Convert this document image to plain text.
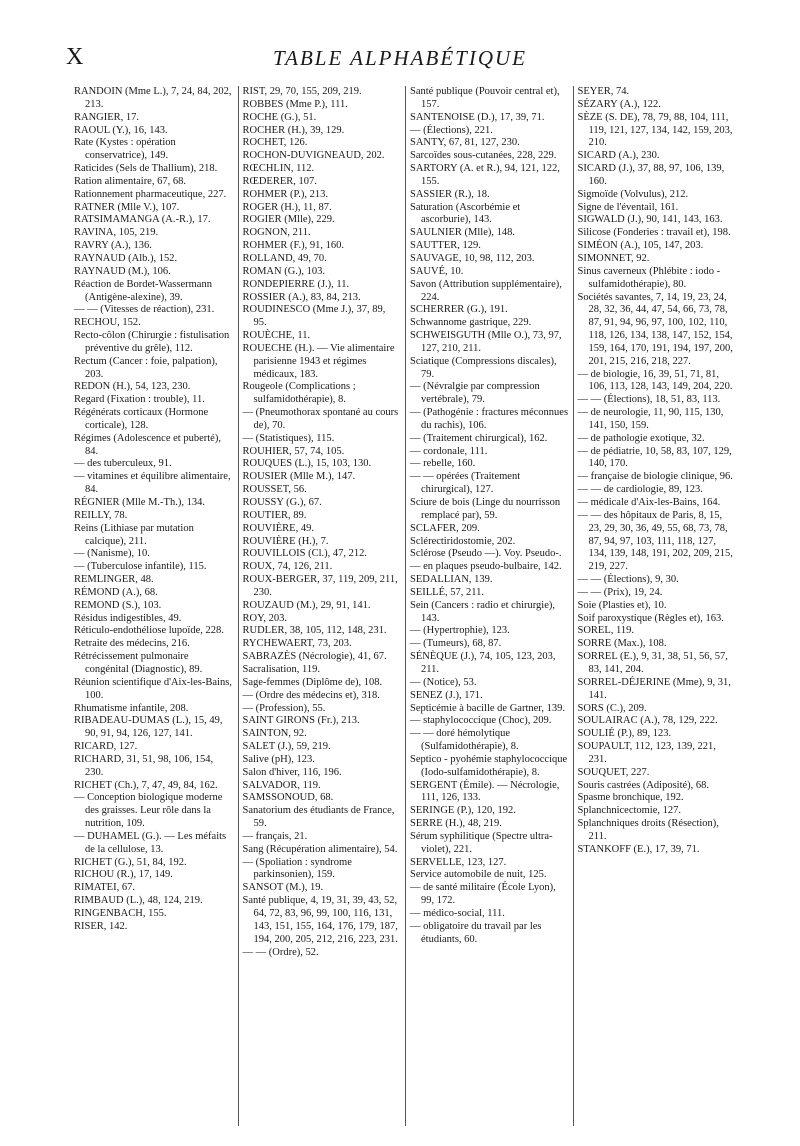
X	TABLE ALPHABÉTIQUE
RANDOIN (Mme L.), 7, 24, 84, 202, 213.
RANGIER, 17.
RAOUL (Y.), 16, 143.
Rate (Kystes : opération conservatrice), 149.
Raticides (Sels de Thallium), 218.
Ration alimentaire, 67, 68.
Rationnement pharmaceutique, 227.
RATNER (Mlle V.), 107.
RATSIMAMANGA (A.-R.), 17.
RAVINA, 105, 219.
RAVRY (A.), 136.
RAYNAUD (Alb.), 152.
RAYNAUD (M.), 106.
Réaction de Bordet-Wassermann (Antigène-alexine), 39.
— — (Vitesses de réaction), 231.
RECHOU, 152.
Recto-côlon (Chirurgie : fistulisation préventive du grêle), 112.
Rectum (Cancer : foie, palpation), 203.
REDON (H.), 54, 123, 230.
Regard (Fixation : trouble), 11.
Régénérats corticaux (Hormone corticale), 128.
Régimes (Adolescence et puberté), 84.
— des tuberculeux, 91.
— vitamines et équilibre alimentaire, 84.
RÉGNIER (Mlle M.-Th.), 134.
REILLY, 78.
Reins (Lithiase par mutation calcique), 211.
— (Nanisme), 10.
— (Tuberculose infantile), 115.
REMLINGER, 48.
RÉMOND (A.), 68.
REMOND (S.), 103.
Résidus indigestibles, 49.
Réticulo-endothéliose lupoïde, 228.
Retraite des médecins, 216.
Rétrécissement pulmonaire congénital (Diagnostic), 89.
Réunion scientifique d'Aix-les-Bains, 100.
Rhumatisme infantile, 208.
RIBADEAU-DUMAS (L.), 15, 49, 90, 91, 94, 126, 127, 141.
RICARD, 127.
RICHARD, 31, 51, 98, 106, 154, 230.
RICHET (Ch.), 7, 47, 49, 84, 162.
— Conception biologique moderne des graisses. Leur rôle dans la nutrition, 109.
— DUHAMEL (G.). — Les méfaits de la cellulose, 13.
RICHET (G.), 51, 84, 192.
RICHOU (R.), 17, 149.
RIMATEI, 67.
RIMBAUD (L.), 48, 124, 219.
RINGENBACH, 155.
RISER, 142.
RIST, 29, 70, 155, 209, 219.
ROBBES (Mme P.), 111.
ROCHE (G.), 51.
ROCHER (H.), 39, 129.
ROCHET, 126.
ROCHON-DUVIGNEAUD, 202.
RŒCHLIN, 112.
RŒDERER, 107.
ROHMER (P.), 213.
ROGER (H.), 11, 87.
ROGIER (Mlle), 229.
ROGNON, 211.
ROHMER (F.), 91, 160.
ROLLAND, 49, 70.
ROMAN (G.), 103.
RONDEPIERRE (J.), 11.
ROSSIER (A.), 83, 84, 213.
ROUDINESCO (Mme J.), 37, 89, 95.
ROUÈCHE, 11.
ROUECHE (H.). — Vie alimentaire parisienne 1943 et régimes médicaux, 183.
Rougeole (Complications ; sulfamidothérapie), 8.
— (Pneumothorax spontané au cours de), 70.
— (Statistiques), 115.
ROUHIER, 57, 74, 105.
ROUQUES (L.), 15, 103, 130.
ROUSIER (Mlle M.), 147.
ROUSSET, 56.
ROUSSY (G.), 67.
ROUTIER, 89.
ROUVIÈRE, 49.
ROUVIÈRE (H.), 7.
ROUVILLOIS (Cl.), 47, 212.
ROUX, 74, 126, 211.
ROUX-BERGER, 37, 119, 209, 211, 230.
ROUZAUD (M.), 29, 91, 141.
ROY, 203.
RUDLER, 38, 105, 112, 148, 231.
RYCHEWAERT, 73, 203.
SABRAZÈS (Nécrologie), 41, 67.
Sacralisation, 119.
Sage-femmes (Diplôme de), 108.
— (Ordre des médecins et), 318.
— (Profession), 55.
SAINT GIRONS (Fr.), 213.
SAINTON, 92.
SALET (J.), 59, 219.
Salive (pH), 123.
Salon d'hiver, 116, 196.
SALVADOR, 119.
SAMSSONOUD, 68.
Sanatorium des étudiants de France, 59.
— français, 21.
Sang (Récupération alimentaire), 54.
— (Spoliation : syndrome parkinsonien), 159.
SANSOT (M.), 19.
Santé publique, 4, 19, 31, 39, 43, 52, 64, 72, 83, 96, 99, 100, 116, 131, 143, 151, 155, 164, 176, 179, 187, 194, 200, 205, 212, 216, 223, 231.
— — (Ordre), 52.
Santé publique (Pouvoir central et), 157.
SANTENOISE (D.), 17, 39, 71.
— (Élections), 221.
SANTY, 67, 81, 127, 230.
Sarcoïdes sous-cutanées, 228, 229.
SARTORY (A. et R.), 94, 121, 122, 155.
SASSIER (R.), 18.
Saturation (Ascorbémie et ascorburie), 143.
SAULNIER (Mlle), 148.
SAUTTER, 129.
SAUVAGE, 10, 98, 112, 203.
SAUVÉ, 10.
Savon (Attribution supplémentaire), 224.
SCHERRER (G.), 191.
Schwannome gastrique, 229.
SCHWEISGUTH (Mlle O.), 73, 97, 127, 210, 211.
Sciatique (Compressions discales), 79.
— (Névralgie par compression vertébrale), 79.
— (Pathogénie : fractures méconnues du rachis), 106.
— (Traitement chirurgical), 162.
— cordonale, 111.
— rebelle, 160.
— — opérées (Traitement chirurgical), 127.
Sciure de bois (Linge du nourrisson remplacé par), 59.
SCLAFER, 209.
Sclérectiridostomie, 202.
Sclérose (Pseudo —). Voy. Pseudo-.
— en plaques pseudo-bulbaire, 142.
SEDALLIAN, 139.
SEILLÉ, 57, 211.
Sein (Cancers : radio et chirurgie), 143.
— (Hypertrophie), 123.
— (Tumeurs), 68, 87.
SÉNÈQUE (J.), 74, 105, 123, 203, 211.
— (Notice), 53.
SENEZ (J.), 171.
Septicémie à bacille de Gartner, 139.
— staphylococcique (Choc), 209.
— — doré hémolytique (Sulfamidothérapie), 8.
Septico - pyohémie staphylococcique (Iodo-sulfamidothérapie), 8.
SERGENT (Émile). — Nécrologie, 111, 126, 133.
SERINGE (P.), 120, 192.
SERRE (H.), 48, 219.
Sérum syphilitique (Spectre ultra-violet), 221.
SERVELLE, 123, 127.
Service automobile de nuit, 125.
— de santé militaire (École Lyon), 99, 172.
— médico-social, 111.
— obligatoire du travail par les étudiants, 60.
SEYER, 74.
SÉZARY (A.), 122.
SÈZE (S. DE), 78, 79, 88, 104, 111, 119, 121, 127, 134, 142, 159, 203, 210.
SICARD (A.), 230.
SICARD (J.), 37, 88, 97, 106, 139, 160.
Sigmoïde (Volvulus), 212.
Signe de l'éventail, 161.
SIGWALD (J.), 90, 141, 143, 163.
Silicose (Fonderies : travail et), 198.
SIMÉON (A.), 105, 147, 203.
SIMONNET, 92.
Sinus caverneux (Phlébite : iodo - sulfamidothérapie), 80.
Sociétés savantes, 7, 14, 19, 23, 24, 28, 32, 36, 44, 47, 54, 66, 73, 78, 87, 91, 94, 96, 97, 100, 102, 110, 118, 126, 134, 138, 147, 152, 154, 159, 164, 170, 191, 194, 197, 200, 201, 215, 216, 218, 227.
— de biologie, 16, 39, 51, 71, 81, 106, 113, 128, 143, 149, 204, 220.
— — (Élections), 18, 51, 83, 113.
— de neurologie, 11, 90, 115, 130, 141, 150, 159.
— de pathologie exotique, 32.
— de pédiatrie, 10, 58, 83, 107, 129, 140, 170.
— française de biologie clinique, 96.
— — de cardiologie, 89, 123.
— médicale d'Aix-les-Bains, 164.
— — des hôpitaux de Paris, 8, 15, 23, 29, 30, 36, 49, 55, 68, 73, 78, 87, 94, 97, 103, 111, 118, 127, 134, 139, 148, 191, 202, 209, 215, 219, 227.
— — (Élections), 9, 30.
— — (Prix), 19, 24.
Soie (Plasties et), 10.
Soif paroxystique (Règles et), 163.
SOREL, 119.
SORRE (Max.), 108.
SORREL (E.), 9, 31, 38, 51, 56, 57, 83, 141, 204.
SORREL-DÉJERINE (Mme), 9, 31, 141.
SORS (C.), 209.
SOULAIRAC (A.), 78, 129, 222.
SOULIÉ (P.), 89, 123.
SOUPAULT, 112, 123, 139, 221, 231.
SOUQUET, 227.
Souris castrées (Adiposité), 68.
Spasme bronchique, 192.
Splanchnicectomie, 127.
Splanchniques droits (Résection), 211.
STANKOFF (E.), 17, 39, 71.
